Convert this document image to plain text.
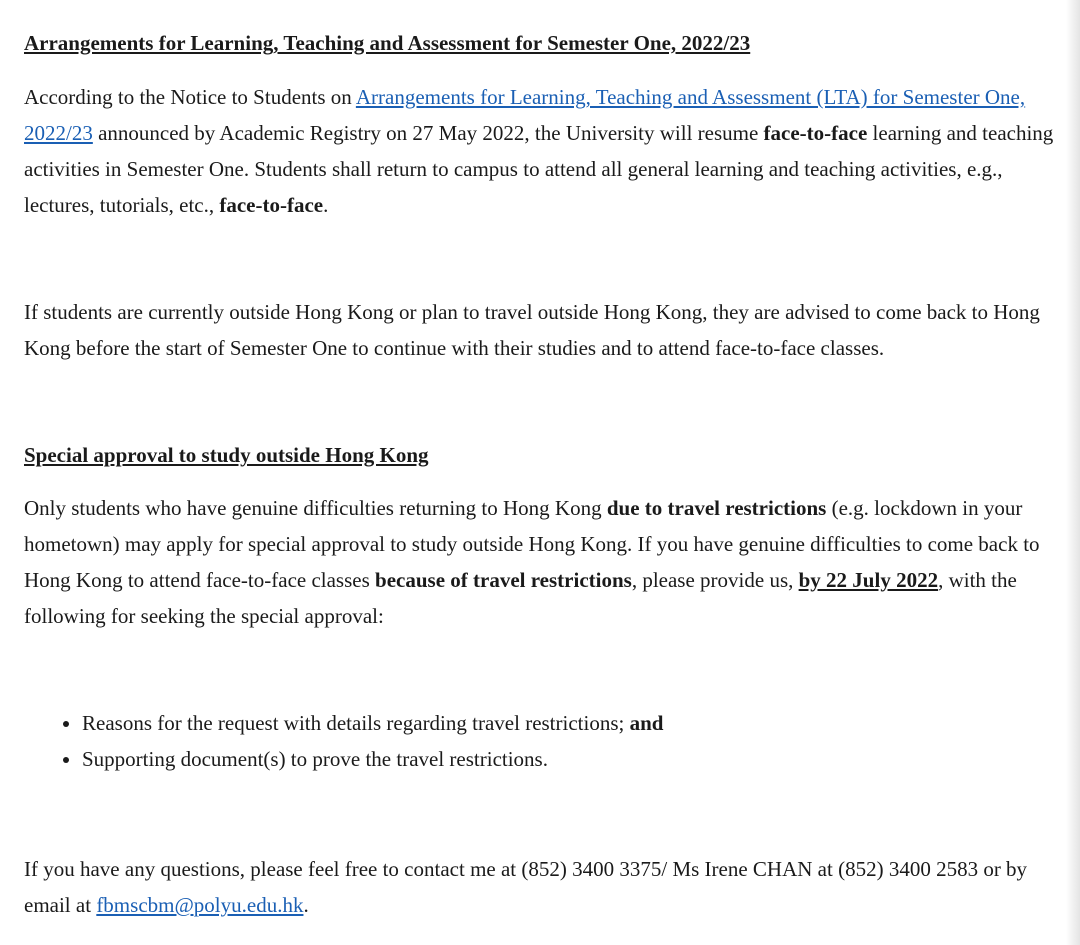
Arrangements for Learning, Teaching and Assessment for Semester One, 2022/23

According to the Notice to Students on Arrangements for Learning, Teaching and Assessment (LTA) for Semester One, 2022/23 announced by Academic Registry on 27 May 2022, the University will resume face-to-face learning and teaching activities in Semester One. Students shall return to campus to attend all general learning and teaching activities, e.g., lectures, tutorials, etc., face-to-face.

If students are currently outside Hong Kong or plan to travel outside Hong Kong, they are advised to come back to Hong Kong before the start of Semester One to continue with their studies and to attend face-to-face classes.

Special approval to study outside Hong Kong

Only students who have genuine difficulties returning to Hong Kong due to travel restrictions (e.g. lockdown in your hometown) may apply for special approval to study outside Hong Kong. If you have genuine difficulties to come back to Hong Kong to attend face-to-face classes because of travel restrictions, please provide us, by 22 July 2022, with the following for seeking the special approval:

• Reasons for the request with details regarding travel restrictions; and
• Supporting document(s) to prove the travel restrictions.

If you have any questions, please feel free to contact me at (852) 3400 3375/ Ms Irene CHAN at (852) 3400 2583 or by email at fbmscbm@polyu.edu.hk.
